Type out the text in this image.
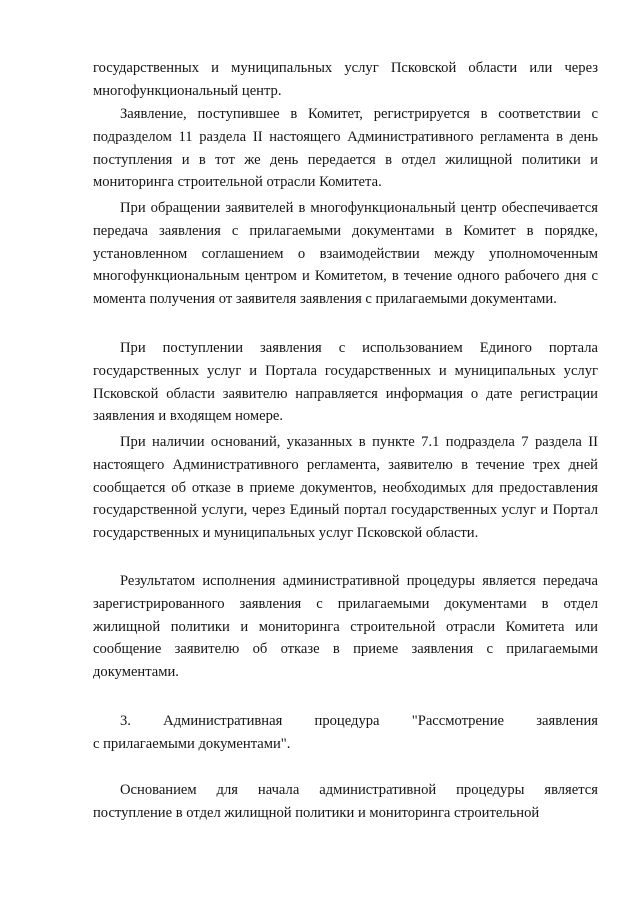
государственных и муниципальных услуг Псковской области или через многофункциональный центр.

Заявление, поступившее в Комитет, регистрируется в соответствии с подразделом 11 раздела II настоящего Административного регламента в день поступления и в тот же день передается в отдел жилищной политики и мониторинга строительной отрасли Комитета.

При обращении заявителей в многофункциональный центр обеспечивается передача заявления с прилагаемыми документами в Комитет в порядке, установленном соглашением о взаимодействии между уполномоченным многофункциональным центром и Комитетом, в течение одного рабочего дня с момента получения от заявителя заявления с прилагаемыми документами.

При поступлении заявления с использованием Единого портала государственных услуг и Портала государственных и муниципальных услуг Псковской области заявителю направляется информация о дате регистрации заявления и входящем номере.

При наличии оснований, указанных в пункте 7.1 подраздела 7 раздела II настоящего Административного регламента, заявителю в течение трех дней сообщается об отказе в приеме документов, необходимых для предоставления государственной услуги, через Единый портал государственных услуг и Портал государственных и муниципальных услуг Псковской области.

Результатом исполнения административной процедуры является передача зарегистрированного заявления с прилагаемыми документами в отдел жилищной политики и мониторинга строительной отрасли Комитета или сообщение заявителю об отказе в приеме заявления с прилагаемыми документами.

3. Административная процедура "Рассмотрение заявления

с прилагаемыми документами".

Основанием для начала административной процедуры является поступление в отдел жилищной политики и мониторинга строительной
